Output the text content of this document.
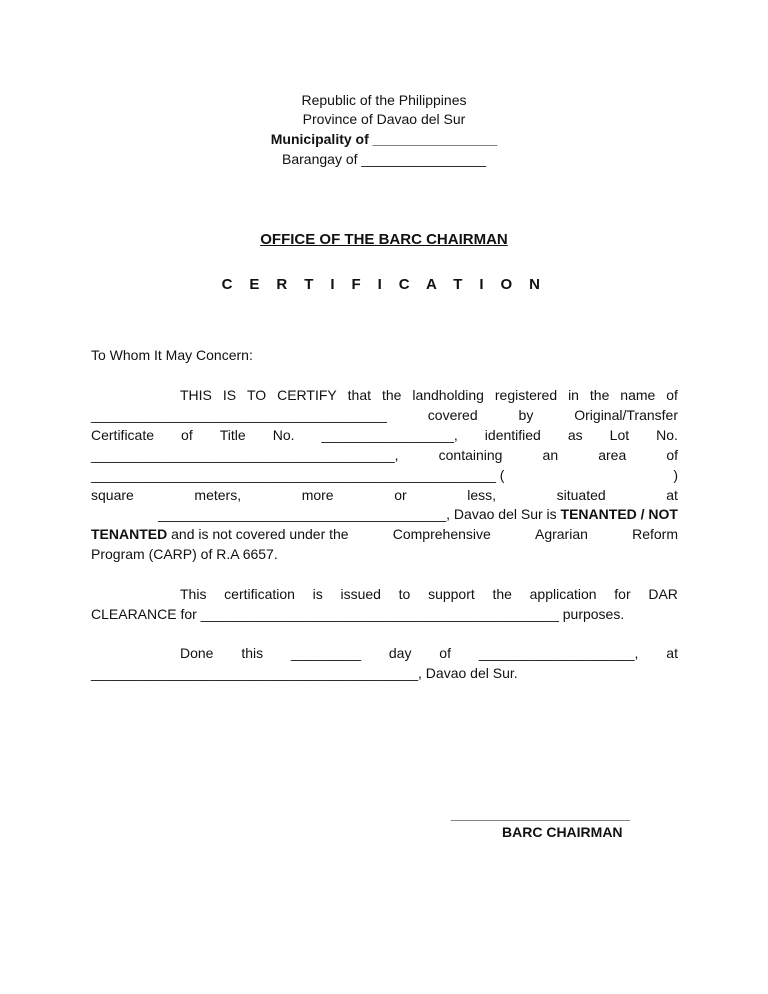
Republic of the Philippines
Province of Davao del Sur
Municipality of ________________
Barangay of ________________
OFFICE OF THE BARC CHAIRMAN
C E R T I F I C A T I O N
To Whom It May Concern:
THIS IS TO CERTIFY that the landholding registered in the name of
______________________________________	covered	by	Original/Transfer
Certificate of Title No. _________________, identified as Lot No.
_______________________________________,	containing	an	area	of
____________________________________________________ (	)
square	meters,	more	or	less,	situated	at
_____________________________________, Davao del Sur is TENANTED / NOT
TENANTED and is not covered under the	Comprehensive	Agrarian	Reform
Program (CARP) of R.A 6657.
This certification is issued to support the application for DAR
CLEARANCE for ______________________________________________ purposes.
Done this _________ day of ____________________, at
__________________________________________, Davao del Sur.
_______________________
BARC CHAIRMAN
